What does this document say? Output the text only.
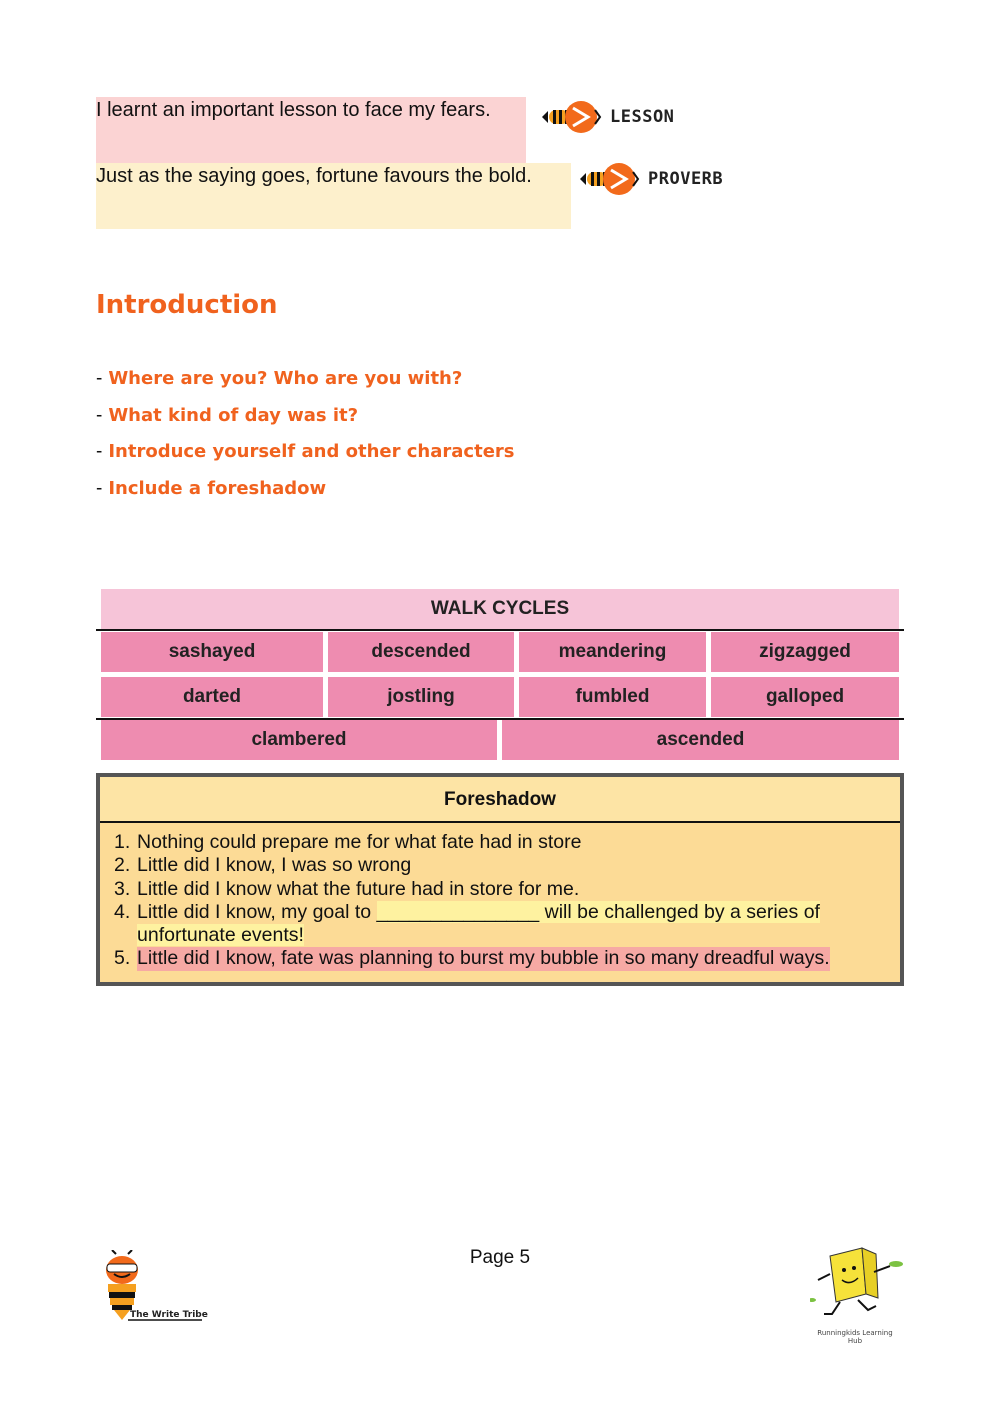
I learnt an important lesson to face my fears.	LESSON
Just as the saying goes, fortune favours the bold.	PROVERB
Introduction
- Where are you? Who are you with?
- What kind of day was it?
- Introduce yourself and other characters
- Include a foreshadow
WALK CYCLES
sashayed	descended	meandering	zigzagged
darted	jostling	fumbled	galloped
clambered	ascended
Foreshadow
1. Nothing could prepare me for what fate had in store
2. Little did I know, I was so wrong
3. Little did I know what the future had in store for me.
4. Little did I know, my goal to _______________ will be challenged by a series of
unfortunate events!
5. Little did I know, fate was planning to burst my bubble in so many dreadful ways.
Page 5
The Write Tribe
Runningkids Learning Hub
